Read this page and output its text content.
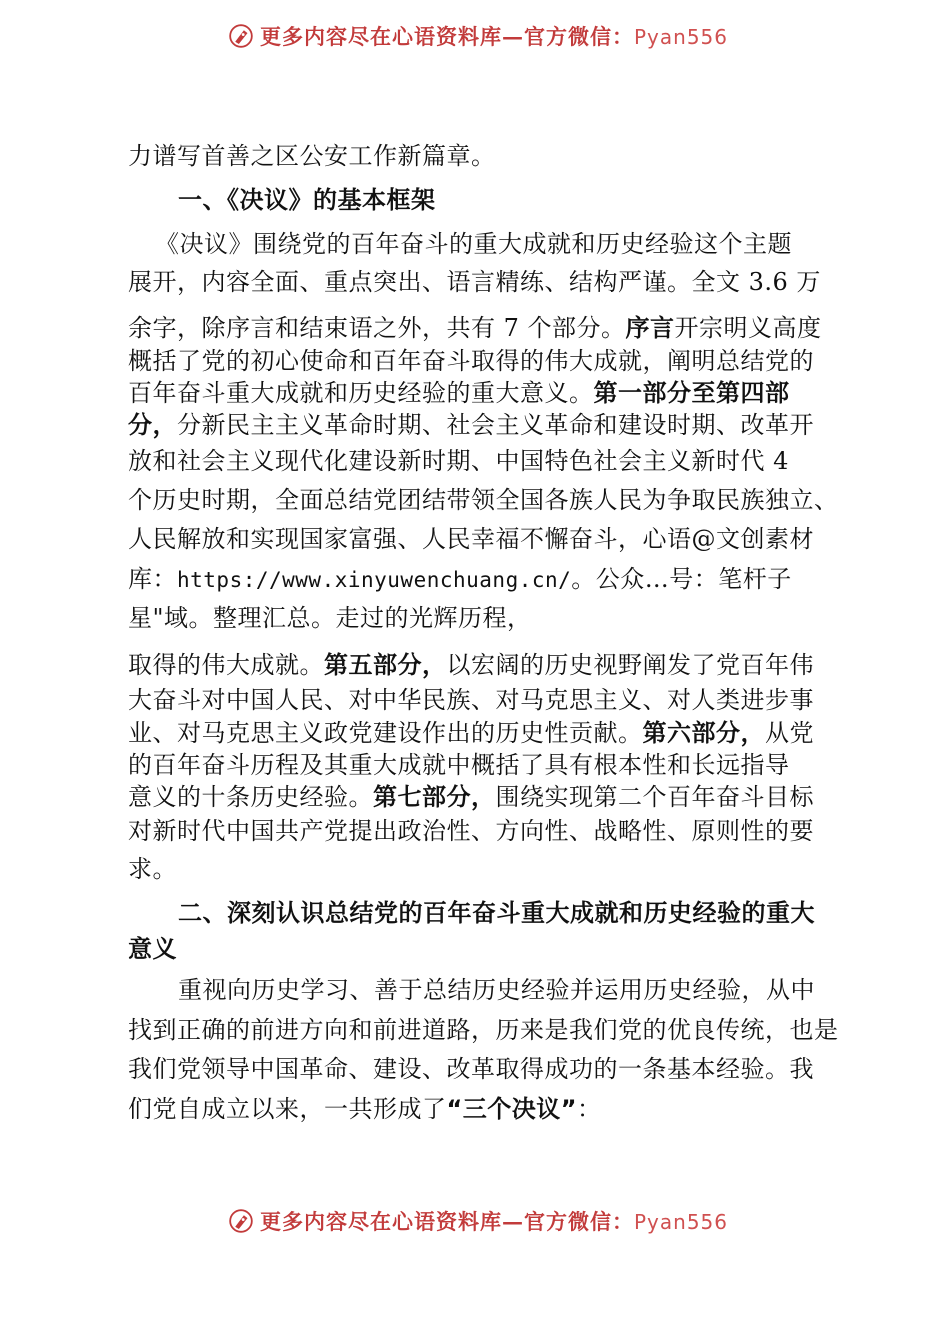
更多内容尽在心语资料库—官方微信：Pyan556
力谱写首善之区公安工作新篇章。
一、《决议》的基本框架
《决议》围绕党的百年奋斗的重大成就和历史经验这个主题
展开，内容全面、重点突出、语言精练、结构严谨。全文 3.6 万
余字，除序言和结束语之外，共有 7 个部分。序言开宗明义高度
概括了党的初心使命和百年奋斗取得的伟大成就，阐明总结党的
百年奋斗重大成就和历史经验的重大意义。第一部分至第四部
分，分新民主主义革命时期、社会主义革命和建设时期、改革开
放和社会主义现代化建设新时期、中国特色社会主义新时代 4
个历史时期，全面总结党团结带领全国各族人民为争取民族独立、
人民解放和实现国家富强、人民幸福不懈奋斗，心语@文创素材
库：https://www.xinyuwenchuang.cn/。公众…号：笔杆子
星"域。整理汇总。走过的光辉历程，
取得的伟大成就。第五部分，以宏阔的历史视野阐发了党百年伟
大奋斗对中国人民、对中华民族、对马克思主义、对人类进步事
业、对马克思主义政党建设作出的历史性贡献。第六部分，从党
的百年奋斗历程及其重大成就中概括了具有根本性和长远指导
意义的十条历史经验。第七部分，围绕实现第二个百年奋斗目标
对新时代中国共产党提出政治性、方向性、战略性、原则性的要
求。
二、深刻认识总结党的百年奋斗重大成就和历史经验的重大
意义
重视向历史学习、善于总结历史经验并运用历史经验，从中
找到正确的前进方向和前进道路，历来是我们党的优良传统，也是
我们党领导中国革命、建设、改革取得成功的一条基本经验。我
们党自成立以来，一共形成了“三个决议”：
更多内容尽在心语资料库—官方微信：Pyan556
